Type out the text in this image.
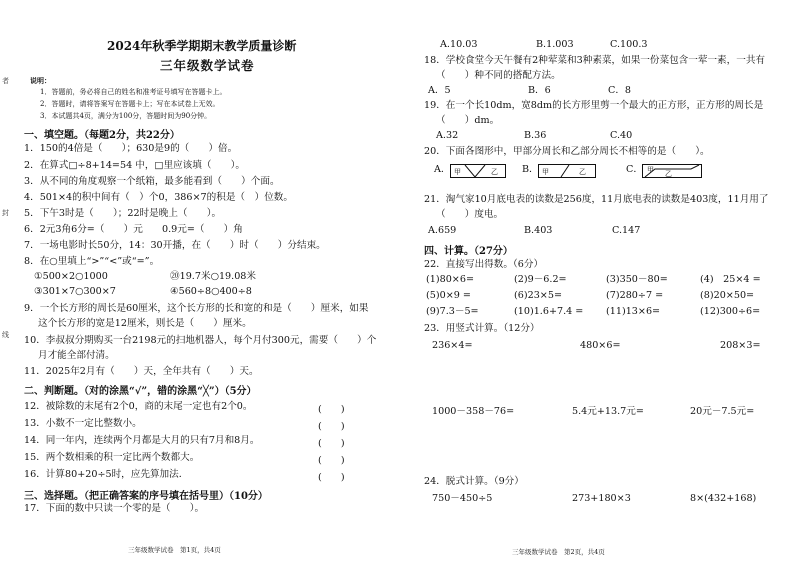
者
封
线
2024年秋季学期期末教学质量诊断
三年级数学试卷
说明：
1．答题前，务必将自己的姓名和准考证号填写在答题卡上。
2．答题时，请将答案写在答题卡上；写在本试卷上无效。
3．本试题共4页，满分为100分，答题时间为90分钟。
一、填空题。（每题2分，共22分）
1．150的4倍是（　　）；630是9的（　　）倍。
2．在算式□÷8+14=54 中，□里应该填（　　）。
3．从不同的角度观察一个纸箱，最多能看到（　　）个面。
4．501×4的积中间有（　）个0，386×7的积是（　）位数。
5．下午3时是（　　）；22时是晚上（　　）。
6．2元3角6分=（　　）元　　0.9元=（　　）角
7．一场电影时长50分，14：30开播，在（　　）时（　　）分结束。
8．在○里填上“>”“<”或“=”。
①500×2○1000	⑳19.7米○19.08米
③301×7○300×7	④560÷8○400÷8
9．一个长方形的周长是60厘米，这个长方形的长和宽的和是（　　）厘米，如果
这个长方形的宽是12厘米，则长是（　　）厘米。
10．李叔叔分期购买一台2198元的扫地机器人，每个月付300元，需要（　　）个
月才能全部付清。
11．2025年2月有（　　）天，全年共有（　　）天。
二、判断题。（对的涂黑“√”，错的涂黑“╳”）（5分）
12．被除数的末尾有2个0，商的末尾一定也有2个0。	(　　)
13．小数不一定比整数小。	(　　)
14．同一年内，连续两个月都是大月的只有7月和8月。	(　　)
15．两个数相乘的积一定比两个数都大。	(　　)
16．计算80+20÷5时，应先算加法．	(　　)
三、选择题。（把正确答案的序号填在括号里）（10分）
17．下面的数中只读一个零的是（　　）。
三年级数学试卷　第1页，共4页
A.10.03	B.1.003	C.100.3
18．学校食堂今天午餐有2种荤菜和3种素菜，如果一份菜包含一荤一素，一共有
（　　）种不同的搭配方法。
A．5	B．6	C．8
19．在一个长10dm，宽8dm的长方形里剪一个最大的正方形，正方形的周长是
（　　）dm。
A.32	B.36	C.40
20．下面各图形中，甲部分周长和乙部分周长不相等的是（　　）。
A． 甲	乙	B． 甲	乙	C． 甲 乙
21．淘气家10月底电表的读数是256度，11月底电表的读数是403度，11月用了
（　　）度电。
A.659	B.403	C.147
四、计算。（27分）
22．直接写出得数。（6分）
(1)80×6=	(2)9－6.2=	(3)350－80=	(4)　25×4 =
(5)0×9 =	(6)23×5=	(7)280÷7 =	(8)20×50=
(9)7.3－5=	(10)1.6+7.4 = (11)13×6=	(12)300÷6=
23．用竖式计算。（12分）
236×4=	480×6=	208×3=
1000－358－76=	5.4元+13.7元=	20元－7.5元=
24．脱式计算。（9分）
750－450÷5	273+180×3	8×(432+168)
三年级数学试卷　第2页，共4页
